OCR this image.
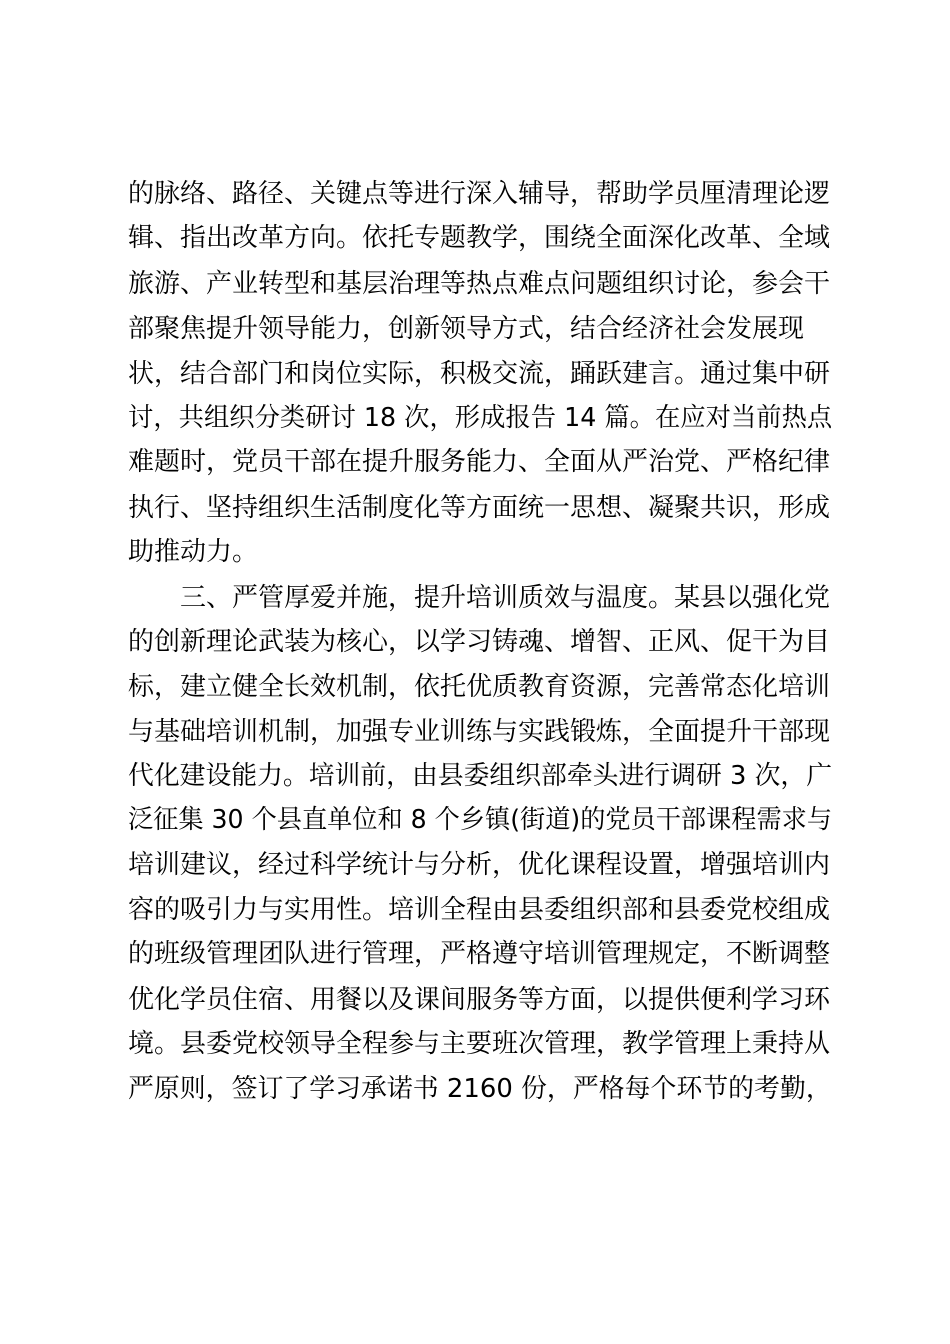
的脉络、路径、关键点等进行深入辅导，帮助学员厘清理论逻
辑、指出改革方向。依托专题教学，围绕全面深化改革、全域
旅游、产业转型和基层治理等热点难点问题组织讨论，参会干
部聚焦提升领导能力，创新领导方式，结合经济社会发展现
状，结合部门和岗位实际，积极交流，踊跃建言。通过集中研
讨，共组织分类研讨 18 次，形成报告 14 篇。在应对当前热点
难题时，党员干部在提升服务能力、全面从严治党、严格纪律
执行、坚持组织生活制度化等方面统一思想、凝聚共识，形成
助推动力。
三、严管厚爱并施，提升培训质效与温度。某县以强化党
的创新理论武装为核心，以学习铸魂、增智、正风、促干为目
标，建立健全长效机制，依托优质教育资源，完善常态化培训
与基础培训机制，加强专业训练与实践锻炼，全面提升干部现
代化建设能力。培训前，由县委组织部牵头进行调研 3 次，广
泛征集 30 个县直单位和 8 个乡镇(街道)的党员干部课程需求与
培训建议，经过科学统计与分析，优化课程设置，增强培训内
容的吸引力与实用性。培训全程由县委组织部和县委党校组成
的班级管理团队进行管理，严格遵守培训管理规定，不断调整
优化学员住宿、用餐以及课间服务等方面，以提供便利学习环
境。县委党校领导全程参与主要班次管理，教学管理上秉持从
严原则，签订了学习承诺书 2160 份，严格每个环节的考勤，
